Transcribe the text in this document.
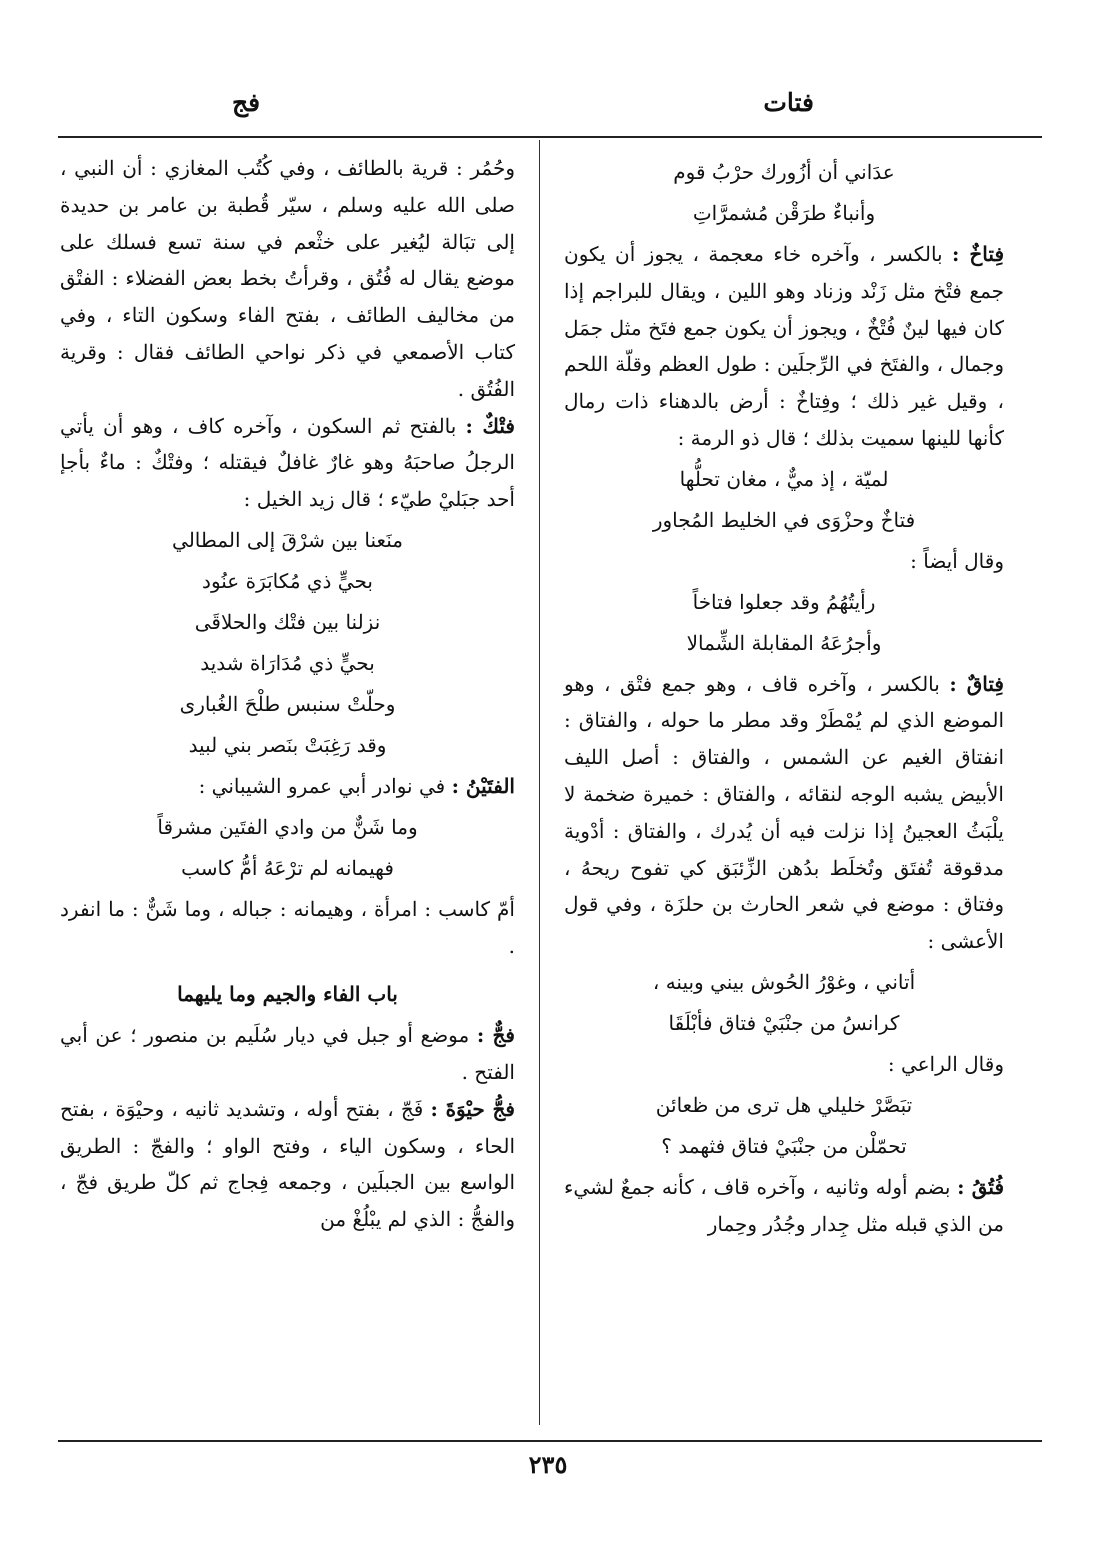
فتات
فج

عدَاني أن أزُورك حرْبُ قوم

وأنباءٌ طرَقْن مُشمرَّاتِ

فِتاخٌ : بالكسر ، وآخره خاء معجمة ، يجوز أن يكون جمع فتْخ مثل زَنْد وزناد وهو اللين ، ويقال للبراجم إذا كان فيها لينٌ فُتْخٌ ، ويجوز أن يكون جمع فتَخ مثل جمَل وجمال ، والفتَخ في الرِّجلَين : طول العظم وقلّة اللحم ، وقيل غير ذلك ؛ وفِتاخٌ : أرض بالدهناء ذات رمال كأنها للينها سميت بذلك ؛ قال ذو الرمة :

لميّة ، إذ ميٌّ ، مغان تحلُّها

فتاخٌ وحزْوَى في الخليط المُجاور

وقال أيضاً :

رأيتُهُمُ وقد جعلوا فتاخاً

وأجرُعَهُ المقابلة الشِّمالا

فِتاقٌ : بالكسر ، وآخره قاف ، وهو جمع فتْق ، وهو الموضع الذي لم يُمْطَرْ وقد مطر ما حوله ، والفتاق : انفتاق الغيم عن الشمس ، والفتاق : أصل الليف الأبيض يشبه الوجه لنقائه ، والفتاق : خميرة ضخمة لا يلْبَثُ العجينُ إذا نزلت فيه أن يُدرك ، والفتاق : أدْوية مدقوقة تُفتَق وتُخلَط بدُهن الزِّئبَق كي تفوح ريحهُ ، وفتاق : موضع في شعر الحارث بن حلزَة ، وفي قول الأعشى :

أتاني ، وغوْرُ الحُوش بيني وبينه ،

كرانسُ من جنْبَيْ فتاق فأبْلَقَا

وقال الراعي :

تبَصَّرْ خليلي هل ترى من ظعائن

تحمّلْن من جنْبَيْ فتاق فثهمد ؟

فُتُقُ : بضم أوله وثانيه ، وآخره قاف ، كأنه جمعٌ لشيء من الذي قبله مثل جِدار وجُدُر وحِمار

وحُمُر : قرية بالطائف ، وفي كُتُب المغازي : أن النبي ، صلى الله عليه وسلم ، سيّر قُطبة بن عامر بن حديدة إلى تبَالة ليُغير على خثْعم في سنة تسع فسلك على موضع يقال له فُتُق ، وقرأتُ بخط بعض الفضلاء : الفتْق من مخاليف الطائف ، بفتح الفاء وسكون التاء ، وفي كتاب الأصمعي في ذكر نواحي الطائف فقال : وقرية الفُتُق .

فتْكٌ : بالفتح ثم السكون ، وآخره كاف ، وهو أن يأتي الرجلُ صاحبَهُ وهو غارٌ غافلٌ فيقتله ؛ وفتْكٌ : ماءٌ بأجإ أحد جبَليْ طيّء ؛ قال زيد الخيل :

منَعنا بين شرْقَ إلى المطالي

بحيٍّ ذي مُكابَرَة عنُود

نزلنا بين فتْك والحلاقَى

بحيٍّ ذي مُدَارَاة شديد

وحلّتْ سنبس طلْحَ الغُبارى

وقد رَغِبَتْ بنَصر بني لبيد

الفتَيْنُ : في نوادر أبي عمرو الشيباني :

وما شَنٌّ من وادي الفتَين مشرقاً

فهيمانه لم ترْعَهُ أمُّ كاسب

أمّ كاسب : امرأة ، وهيمانه : جباله ، وما شَنٌّ : ما انفرد .

باب الفاء والجيم وما يليهما

فجٌّ : موضع أو جبل في ديار سُلَيم بن منصور ؛ عن أبي الفتح .

فجُّ حيْوَةَ : فَجّ ، بفتح أوله ، وتشديد ثانيه ، وحيْوَة ، بفتح الحاء ، وسكون الياء ، وفتح الواو ؛ والفجّ : الطريق الواسع بين الجبلَين ، وجمعه فِجاج ثم كلّ طريق فجّ ، والفجُّ : الذي لم يبْلُغْ من

٢٣٥
